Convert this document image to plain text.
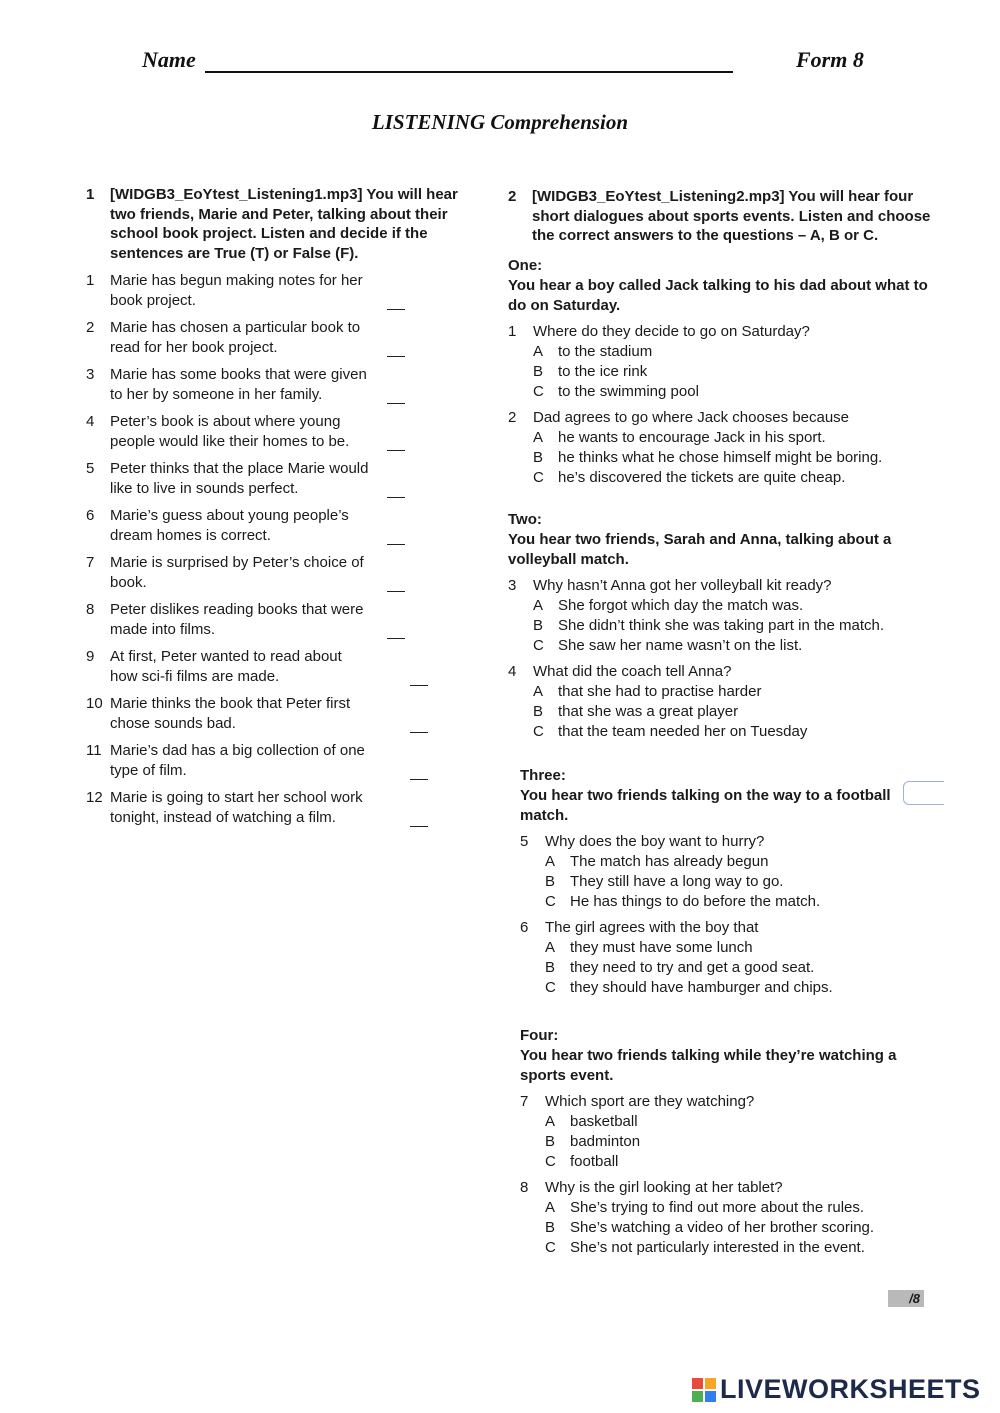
Name	Form 8
LISTENING Comprehension
1	[WIDGB3_EoYtest_Listening1.mp3] You will hear two friends, Marie and Peter, talking about their school book project. Listen and decide if the sentences are True (T) or False (F).
1	Marie has begun making notes for her book project.
2	Marie has chosen a particular book to read for her book project.
3	Marie has some books that were given to her by someone in her family.
4	Peter’s book is about where young people would like their homes to be.
5	Peter thinks that the place Marie would like to live in sounds perfect.
6	Marie’s guess about young people’s dream homes is correct.
7	Marie is surprised by Peter’s choice of book.
8	Peter dislikes reading books that were made into films.
9	At first, Peter wanted to read about how sci-fi films are made.
10 Marie thinks the book that Peter first chose sounds bad.
11 Marie’s dad has a big collection of one type of film.
12 Marie is going to start her school work tonight, instead of watching a film.
2	[WIDGB3_EoYtest_Listening2.mp3] You will hear four short dialogues about sports events. Listen and choose the correct answers to the questions – A, B or C.
One:
You hear a boy called Jack talking to his dad about what to do on Saturday.
1	Where do they decide to go on Saturday?
A to the stadium
B to the ice rink
C to the swimming pool
2	Dad agrees to go where Jack chooses because
A he wants to encourage Jack in his sport.
B he thinks what he chose himself might be boring.
C he’s discovered the tickets are quite cheap.
Two:
You hear two friends, Sarah and Anna, talking about a volleyball match.
3	Why hasn’t Anna got her volleyball kit ready?
A She forgot which day the match was.
B She didn’t think she was taking part in the match.
C She saw her name wasn’t on the list.
4	What did the coach tell Anna?
A that she had to practise harder
B that she was a great player
C that the team needed her on Tuesday
Three:
You hear two friends talking on the way to a football match.
5	Why does the boy want to hurry?
A The match has already begun
B They still have a long way to go.
C He has things to do before the match.
6	The girl agrees with the boy that
A they must have some lunch
B they need to try and get a good seat.
C they should have hamburger and chips.
Four:
You hear two friends talking while they’re watching a sports event.
7	Which sport are they watching?
A basketball
B badminton
C football
8	Why is the girl looking at her tablet?
A She’s trying to find out more about the rules.
B She’s watching a video of her brother scoring.
C She’s not particularly interested in the event.
/8
LIVEWORKSHEETS
